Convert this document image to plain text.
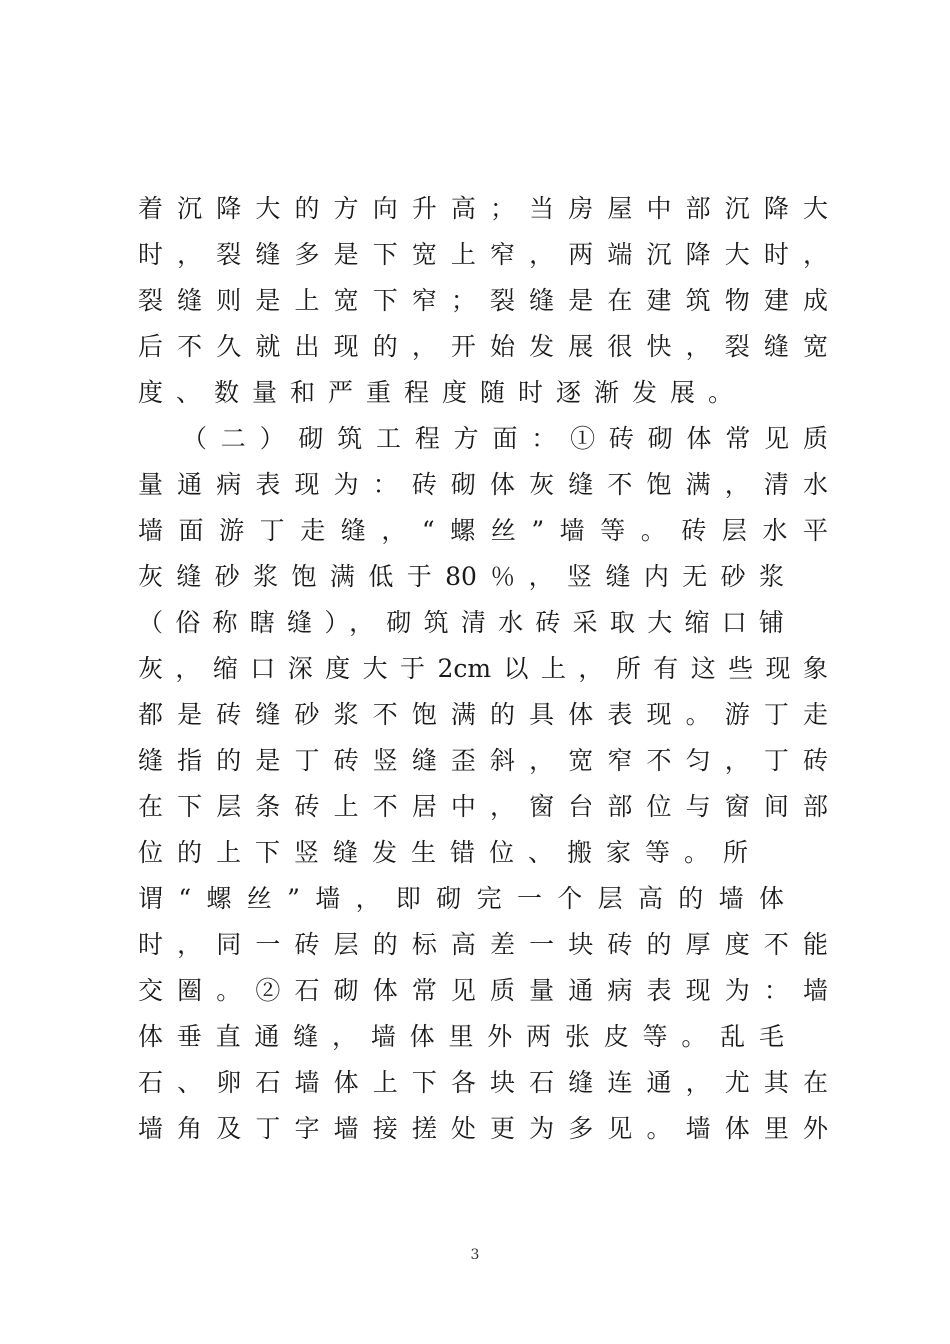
着沉降大的方向升高；当房屋中部沉降大
时，裂缝多是下宽上窄，两端沉降大时，
裂缝则是上宽下窄；裂缝是在建筑物建成
后不久就出现的，开始发展很快，裂缝宽
度、数量和严重程度随时逐渐发展。
（二）砌筑工程方面：①砖砌体常见质
量通病表现为：砖砌体灰缝不饱满，清水
墙面游丁走缝，“螺丝”墙等。砖层水平
灰缝砂浆饱满低于80％，竖缝内无砂浆
（俗称瞎缝），砌筑清水砖采取大缩口铺
灰，缩口深度大于2cm以上，所有这些现象
都是砖缝砂浆不饱满的具体表现。游丁走
缝指的是丁砖竖缝歪斜，宽窄不匀，丁砖
在下层条砖上不居中，窗台部位与窗间部
位的上下竖缝发生错位、搬家等。所
谓“螺丝”墙，即砌完一个层高的墙体
时，同一砖层的标高差一块砖的厚度不能
交圈。②石砌体常见质量通病表现为：墙
体垂直通缝，墙体里外两张皮等。乱毛
石、卵石墙体上下各块石缝连通，尤其在
墙角及丁字墙接搓处更为多见。墙体里外
3
